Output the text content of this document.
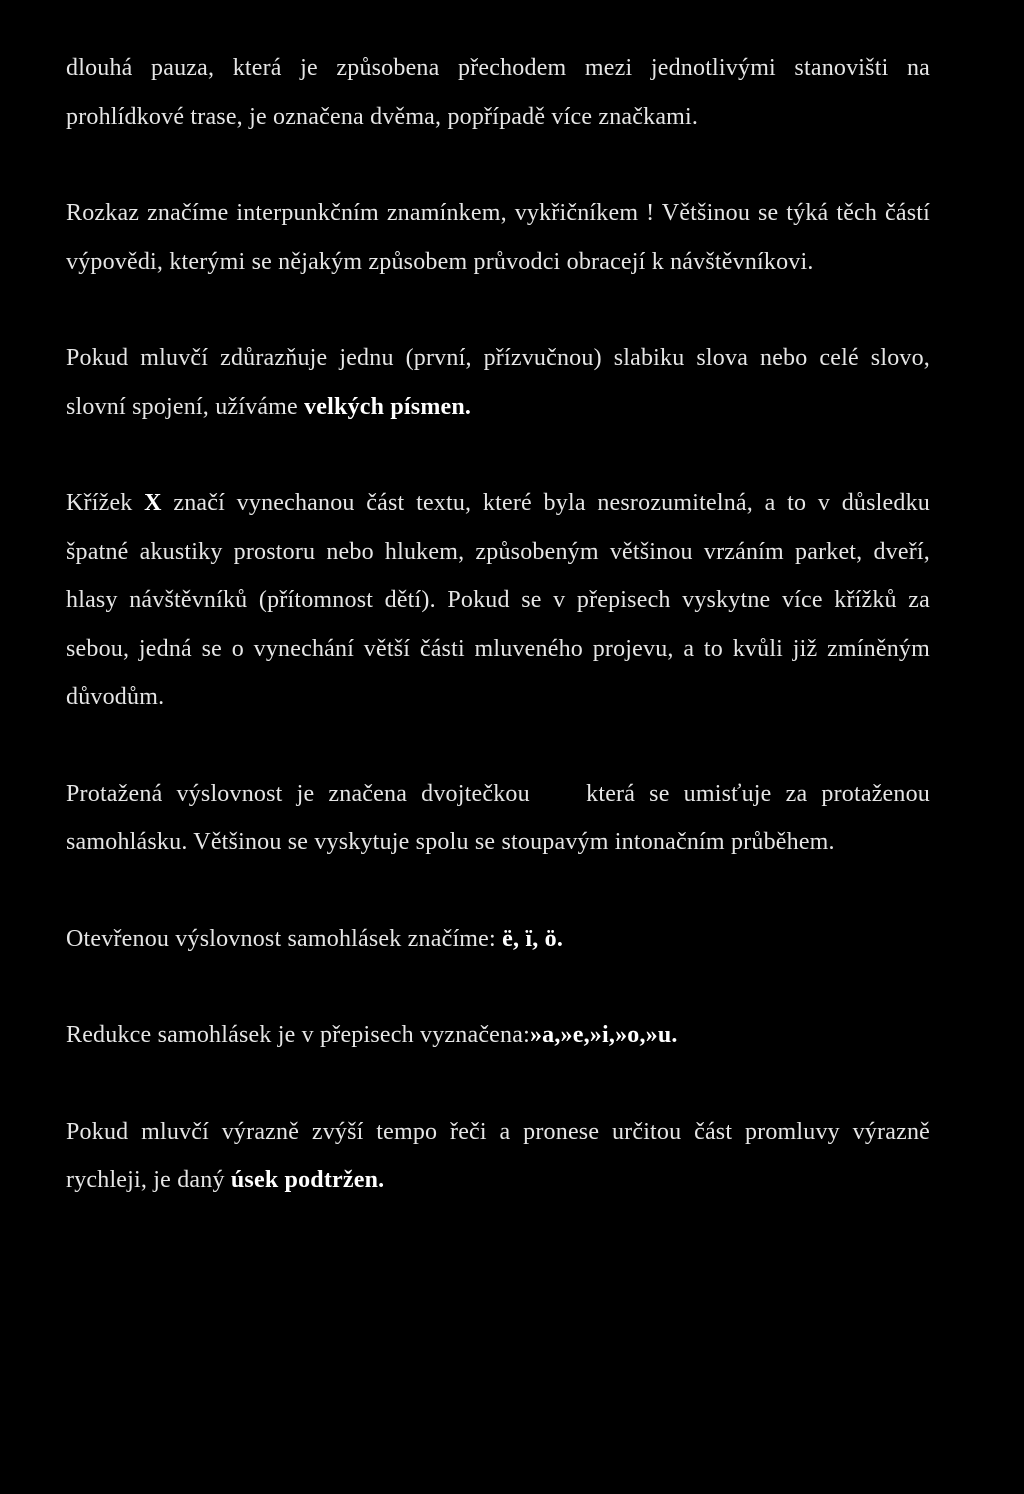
dlouhá pauza, která je způsobena přechodem mezi jednotlivými stanovišti na prohlídkové trase, je označena dvěma, popřípadě více značkami.

Rozkaz značíme interpunkčním znamínkem, vykřičníkem ! Většinou se týká těch částí výpovědi, kterými se nějakým způsobem průvodci obracejí k návštěvníkovi.

Pokud mluvčí zdůrazňuje jednu (první, přízvučnou) slabiku slova nebo celé slovo, slovní spojení, užíváme velkých písmen.

Křížek X značí vynechanou část textu, které byla nesrozumitelná, a to v důsledku špatné akustiky prostoru nebo hlukem, způsobeným většinou vrzáním parket, dveří, hlasy návštěvníků (přítomnost dětí). Pokud se v přepisech vyskytne více křížků za sebou, jedná se o vynechání větší části mluveného projevu, a to kvůli již zmíněným důvodům.

Protažená výslovnost je značena dvojtečkou    která se umisťuje za protaženou samohlásku. Většinou se vyskytuje spolu se stoupavým intonačním průběhem.

Otevřenou výslovnost samohlásek značíme: ë, ï, ö.

Redukce samohlásek je v přepisech vyznačena:»a,»e,»i,»o,»u.

Pokud mluvčí výrazně zvýší tempo řeči a pronese určitou část promluvy výrazně rychleji, je daný úsek podtržen.
